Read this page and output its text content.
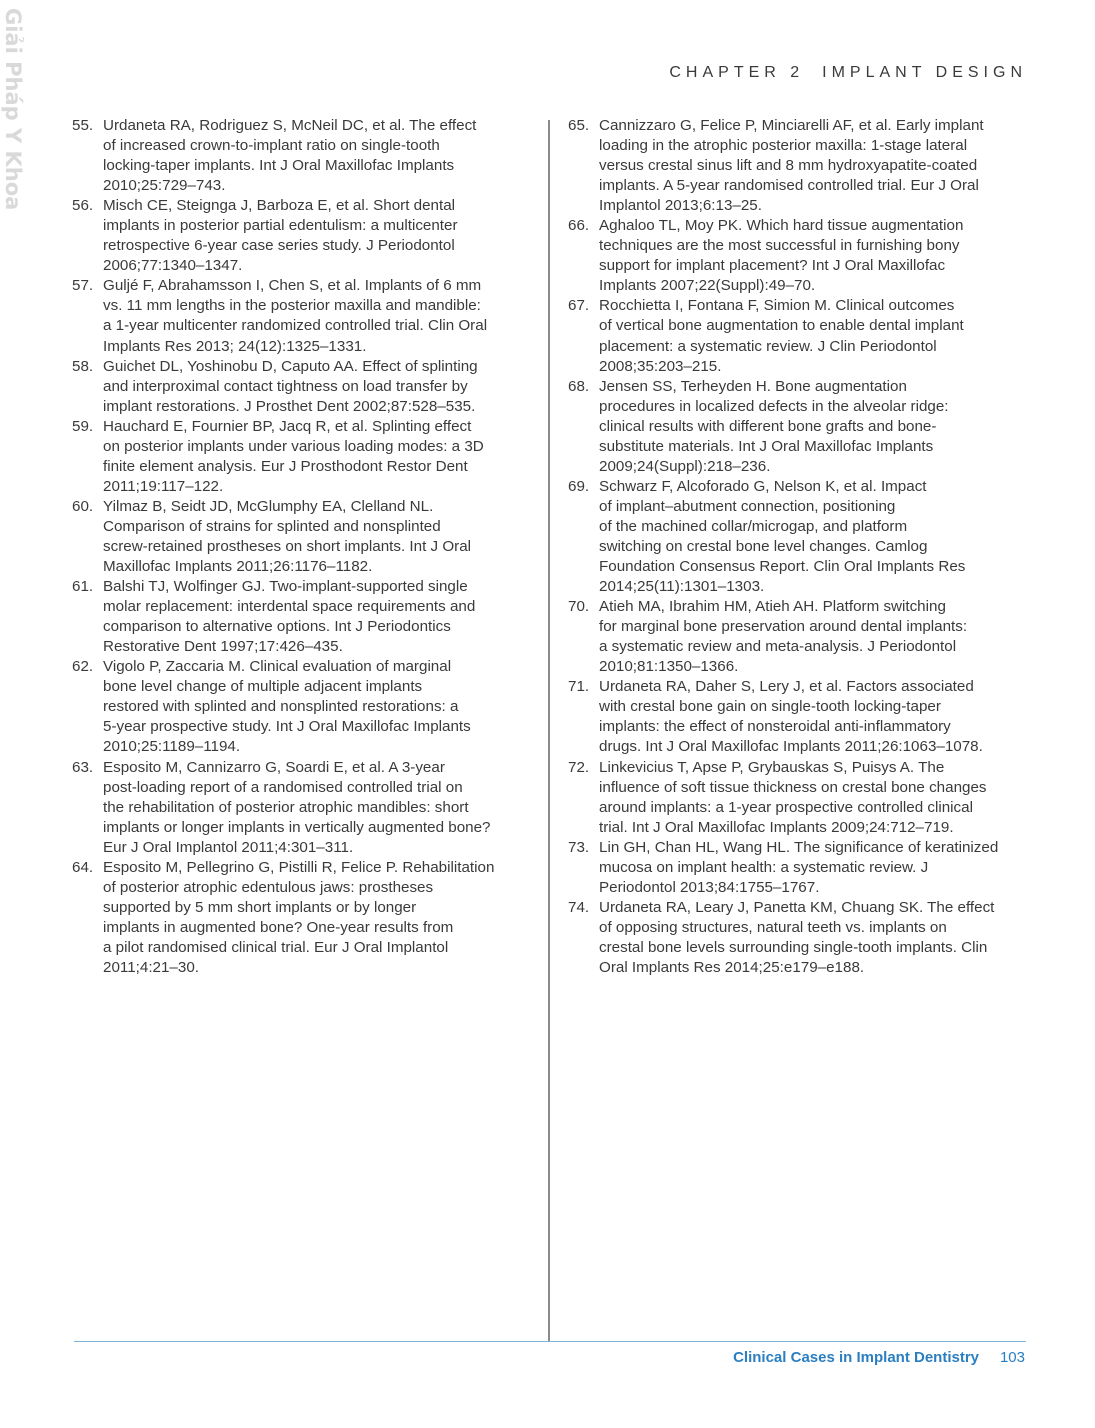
Giải Pháp Y Khoa	CHAPTER 2 IMPLANT DESIGN
55. Urdaneta RA, Rodriguez S, McNeil DC, et al. The effect
of increased crown-to-implant ratio on single-tooth
locking-taper implants. Int J Oral Maxillofac Implants
2010;25:729–743.
56. Misch CE, Steignga J, Barboza E, et al. Short dental
implants in posterior partial edentulism: a multicenter
retrospective 6-year case series study. J Periodontol
2006;77:1340–1347.
57. Guljé F, Abrahamsson I, Chen S, et al. Implants of 6 mm
vs. 11 mm lengths in the posterior maxilla and mandible:
a 1-year multicenter randomized controlled trial. Clin Oral
Implants Res 2013; 24(12):1325–1331.
58. Guichet DL, Yoshinobu D, Caputo AA. Effect of splinting
and interproximal contact tightness on load transfer by
implant restorations. J Prosthet Dent 2002;87:528–535.
59. Hauchard E, Fournier BP, Jacq R, et al. Splinting effect
on posterior implants under various loading modes: a 3D
finite element analysis. Eur J Prosthodont Restor Dent
2011;19:117–122.
60. Yilmaz B, Seidt JD, McGlumphy EA, Clelland NL.
Comparison of strains for splinted and nonsplinted
screw-retained prostheses on short implants. Int J Oral
Maxillofac Implants 2011;26:1176–1182.
61. Balshi TJ, Wolfinger GJ. Two-implant-supported single
molar replacement: interdental space requirements and
comparison to alternative options. Int J Periodontics
Restorative Dent 1997;17:426–435.
62. Vigolo P, Zaccaria M. Clinical evaluation of marginal
bone level change of multiple adjacent implants
restored with splinted and nonsplinted restorations: a
5-year prospective study. Int J Oral Maxillofac Implants
2010;25:1189–1194.
63. Esposito M, Cannizarro G, Soardi E, et al. A 3-year
post-loading report of a randomised controlled trial on
the rehabilitation of posterior atrophic mandibles: short
implants or longer implants in vertically augmented bone?
Eur J Oral Implantol 2011;4:301–311.
64. Esposito M, Pellegrino G, Pistilli R, Felice P. Rehabilitation
of posterior atrophic edentulous jaws: prostheses
supported by 5 mm short implants or by longer
implants in augmented bone? One-year results from
a pilot randomised clinical trial. Eur J Oral Implantol
2011;4:21–30.
65. Cannizzaro G, Felice P, Minciarelli AF, et al. Early implant
loading in the atrophic posterior maxilla: 1-stage lateral
versus crestal sinus lift and 8 mm hydroxyapatite-coated
implants. A 5-year randomised controlled trial. Eur J Oral
Implantol 2013;6:13–25.
66. Aghaloo TL, Moy PK. Which hard tissue augmentation
techniques are the most successful in furnishing bony
support for implant placement? Int J Oral Maxillofac
Implants 2007;22(Suppl):49–70.
67. Rocchietta I, Fontana F, Simion M. Clinical outcomes
of vertical bone augmentation to enable dental implant
placement: a systematic review. J Clin Periodontol
2008;35:203–215.
68. Jensen SS, Terheyden H. Bone augmentation
procedures in localized defects in the alveolar ridge:
clinical results with different bone grafts and bone-
substitute materials. Int J Oral Maxillofac Implants
2009;24(Suppl):218–236.
69. Schwarz F, Alcoforado G, Nelson K, et al. Impact
of implant–abutment connection, positioning
of the machined collar/microgap, and platform
switching on crestal bone level changes. Camlog
Foundation Consensus Report. Clin Oral Implants Res
2014;25(11):1301–1303.
70. Atieh MA, Ibrahim HM, Atieh AH. Platform switching
for marginal bone preservation around dental implants:
a systematic review and meta-analysis. J Periodontol
2010;81:1350–1366.
71. Urdaneta RA, Daher S, Lery J, et al. Factors associated
with crestal bone gain on single-tooth locking-taper
implants: the effect of nonsteroidal anti-inflammatory
drugs. Int J Oral Maxillofac Implants 2011;26:1063–1078.
72. Linkevicius T, Apse P, Grybauskas S, Puisys A. The
influence of soft tissue thickness on crestal bone changes
around implants: a 1-year prospective controlled clinical
trial. Int J Oral Maxillofac Implants 2009;24:712–719.
73. Lin GH, Chan HL, Wang HL. The significance of keratinized
mucosa on implant health: a systematic review. J
Periodontol 2013;84:1755–1767.
74. Urdaneta RA, Leary J, Panetta KM, Chuang SK. The effect
of opposing structures, natural teeth vs. implants on
crestal bone levels surrounding single-tooth implants. Clin
Oral Implants Res 2014;25:e179–e188.
Clinical Cases in Implant Dentistry 103
